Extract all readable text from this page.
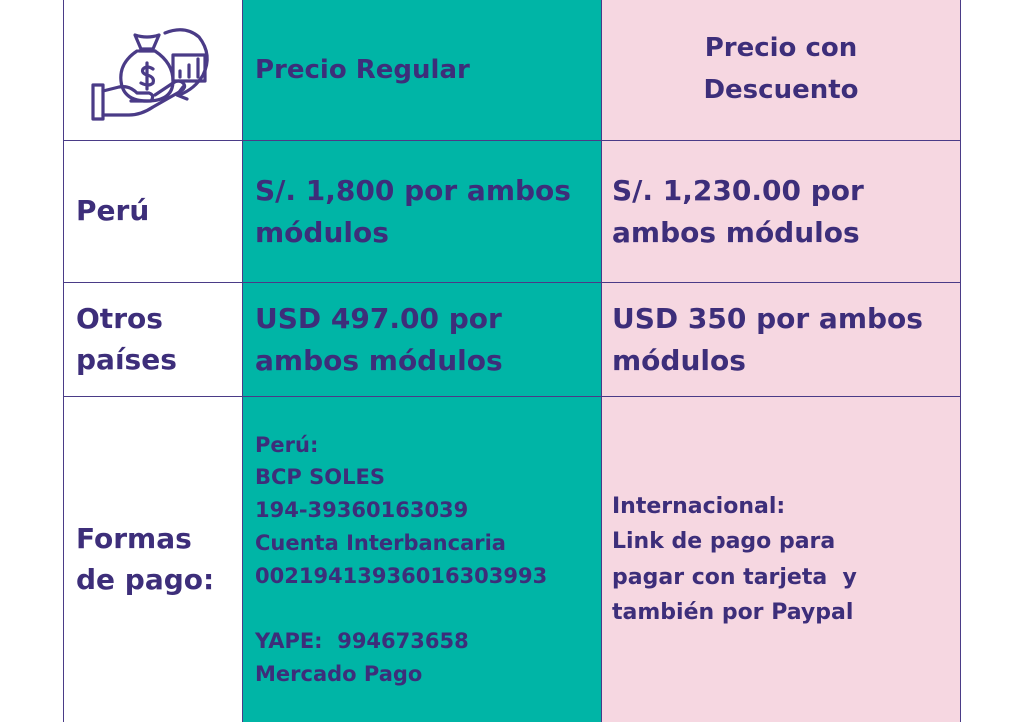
Precio Regular
Precio con
Descuento
Perú
S/. 1,800 por ambos
módulos
S/. 1,230.00 por
ambos módulos
Otros
países
USD 497.00 por
ambos módulos
USD 350 por ambos
módulos
Formas
de pago:
Perú:
BCP SOLES
194-39360163039
Cuenta Interbancaria
00219413936016303993
YAPE:  994673658
Mercado Pago
Internacional:
Link de pago para
pagar con tarjeta  y
también por Paypal
